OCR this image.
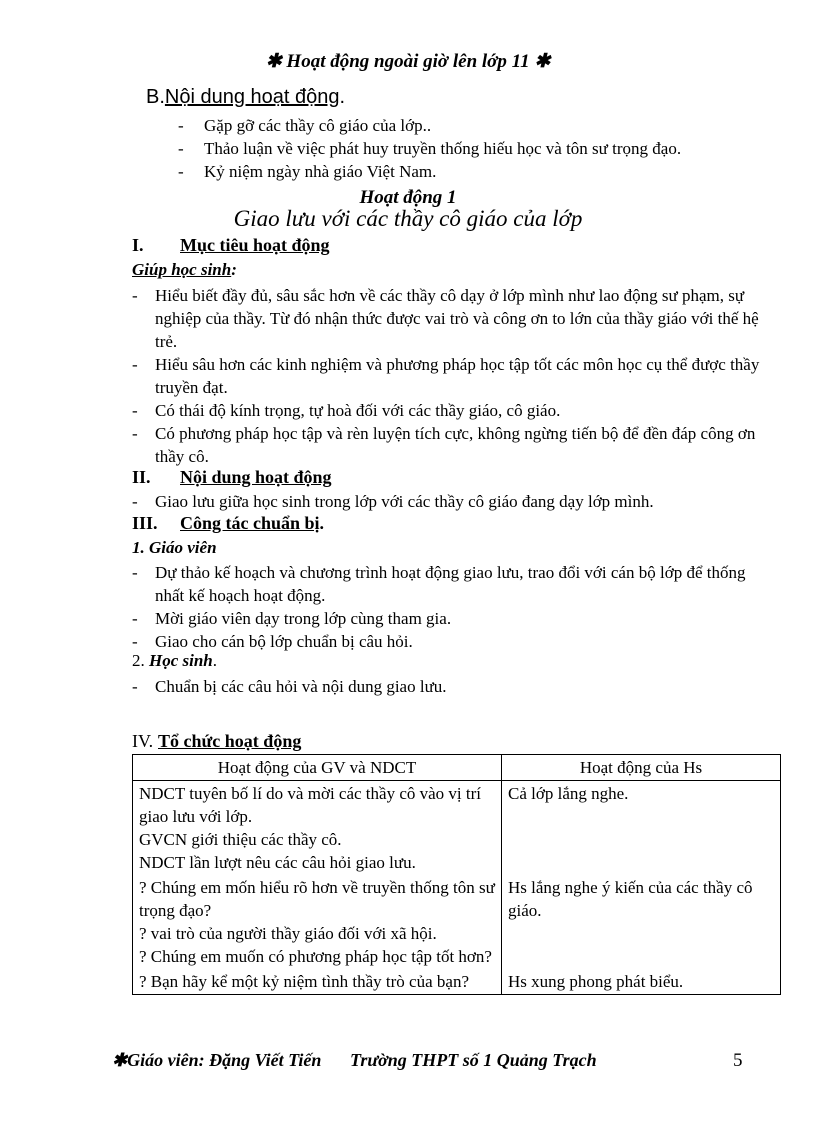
✱ Hoạt động ngoài giờ lên lớp 11 ✱
B.Nội dung hoạt động.
- Gặp gỡ các thầy cô giáo của lớp..
- Thảo luận về việc phát huy truyền thống hiếu học và tôn sư trọng đạo.
- Kỷ niệm ngày nhà giáo Việt Nam.
Hoạt động 1
Giao lưu với các thầy cô giáo của lớp
I. Mục tiêu hoạt động
Giúp học sinh:
- Hiểu biết đầy đủ, sâu sắc hơn về các thầy cô dạy ở lớp mình như lao động sư phạm, sự nghiệp của thầy. Từ đó nhận thức được vai trò và công ơn to lớn của thầy giáo với thế hệ trẻ.
- Hiểu sâu hơn các kinh nghiệm và phương pháp học tập tốt các môn học cụ thể được thầy truyền đạt.
- Có thái độ kính trọng, tự hoà đối với các thầy giáo, cô giáo.
- Có phương pháp học tập và rèn luyện tích cực, không ngừng tiến bộ để đền đáp công ơn thầy cô.
II. Nội dung hoạt động
- Giao lưu giữa học sinh trong lớp với các thầy cô giáo đang dạy lớp mình.
III. Công tác chuẩn bị.
1. Giáo viên
- Dự thảo kế hoạch và chương trình hoạt động giao lưu, trao đổi với cán bộ lớp để thống nhất kế hoạch hoạt động.
- Mời giáo viên dạy trong lớp cùng tham gia.
- Giao cho cán bộ lớp chuẩn bị câu hỏi.
2. Học sinh.
- Chuẩn bị các câu hỏi và nội dung giao lưu.
IV. Tổ chức hoạt động
Hoạt động của GV và NDCT	Hoạt động của Hs

NDCT tuyên bố lí do và mời các thầy cô vào vị trí giao lưu với lớp.
GVCN giới thiệu các thầy cô.
NDCT lần lượt nêu các câu hỏi giao lưu.	Cả lớp lắng nghe.

? Chúng em mốn hiểu rõ hơn về truyền thống tôn sư trọng đạo?
? vai trò của người thầy giáo đối với xã hội.
? Chúng em muốn có phương pháp học tập tốt hơn?	Hs lắng nghe ý kiến của các thầy cô giáo.

? Bạn hãy kể một kỷ niệm tình thầy trò của bạn?	Hs xung phong phát biểu.
✱Giáo viên: Đặng Viết Tiến Trường THPT số 1 Quảng Trạch	5
